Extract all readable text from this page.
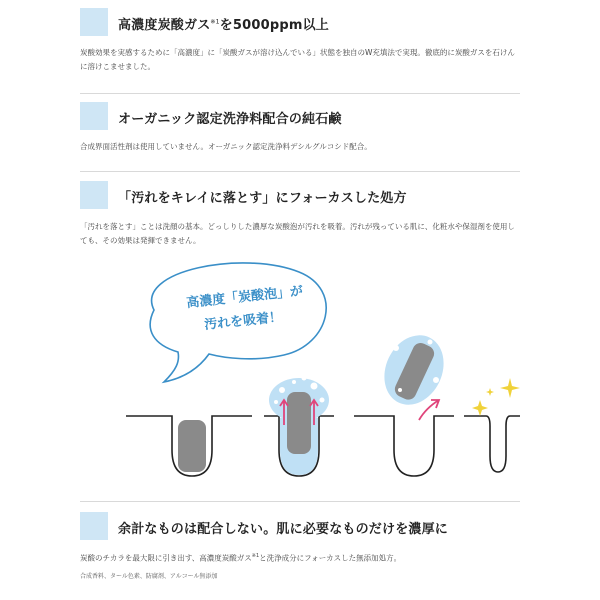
高濃度炭酸ガス$^{※1}$を5000ppm以上
炭酸効果を実感するために「高濃度」に「炭酸ガスが溶け込んでいる」状態を独自のW充填法で実現。徹底的に炭酸ガスを石けん
に溶けこませました。
オーガニック認定洗浄料配合の純石鹸
合成界面活性剤は使用していません。オーガニック認定洗浄料デシルグルコシド配合。
「汚れをキレイに落とす」にフォーカスした処方
「汚れを落とす」ことは洗顔の基本。どっしりした濃厚な炭酸泡が汚れを吸着。汚れが残っている肌に、化粧水や保湿剤を使用し
ても、その効果は発揮できません。
高濃度「炭酸泡」が
汚れを吸着！
余計なものは配合しない。肌に必要なものだけを濃厚に
炭酸のチカラを最大限に引き出す、高濃度炭酸ガス$^{※1}$と洗浄成分にフォーカスした無添加処方。
合成香料、タール色素、防腐剤、アルコール無添加
